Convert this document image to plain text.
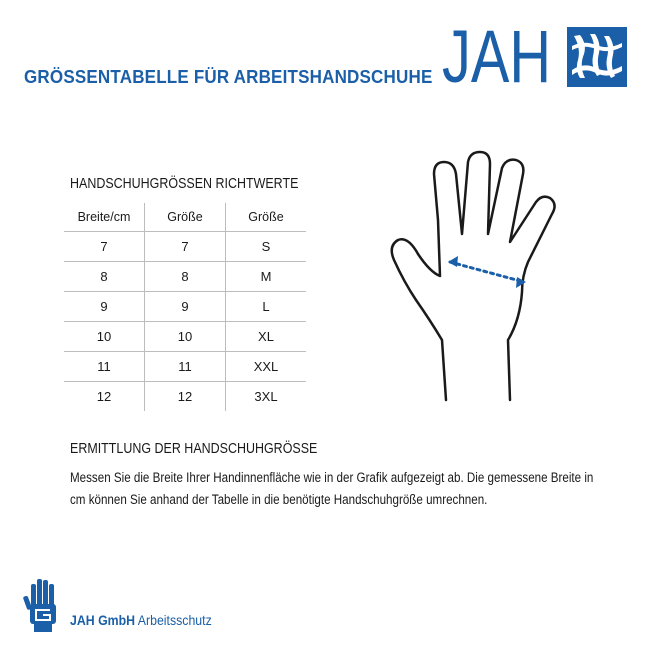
GRÖSSENTABELLE FÜR ARBEITSHANDSCHUHE JAH
HANDSCHUHGRÖSSEN RICHTWERTE
Breite/cm	Größe	Größe
7	7	S
8	8	M
9	9	L
10	10	XL
11	11	XXL
12	12	3XL
ERMITTLUNG DER HANDSCHUHGRÖSSE
Messen Sie die Breite Ihrer Handinnenfläche wie in der Grafik aufgezeigt ab. Die gemessene Breite in cm können Sie anhand der Tabelle in die benötigte Handschuhgröße umrechnen.
JAH GmbH Arbeitsschutz
